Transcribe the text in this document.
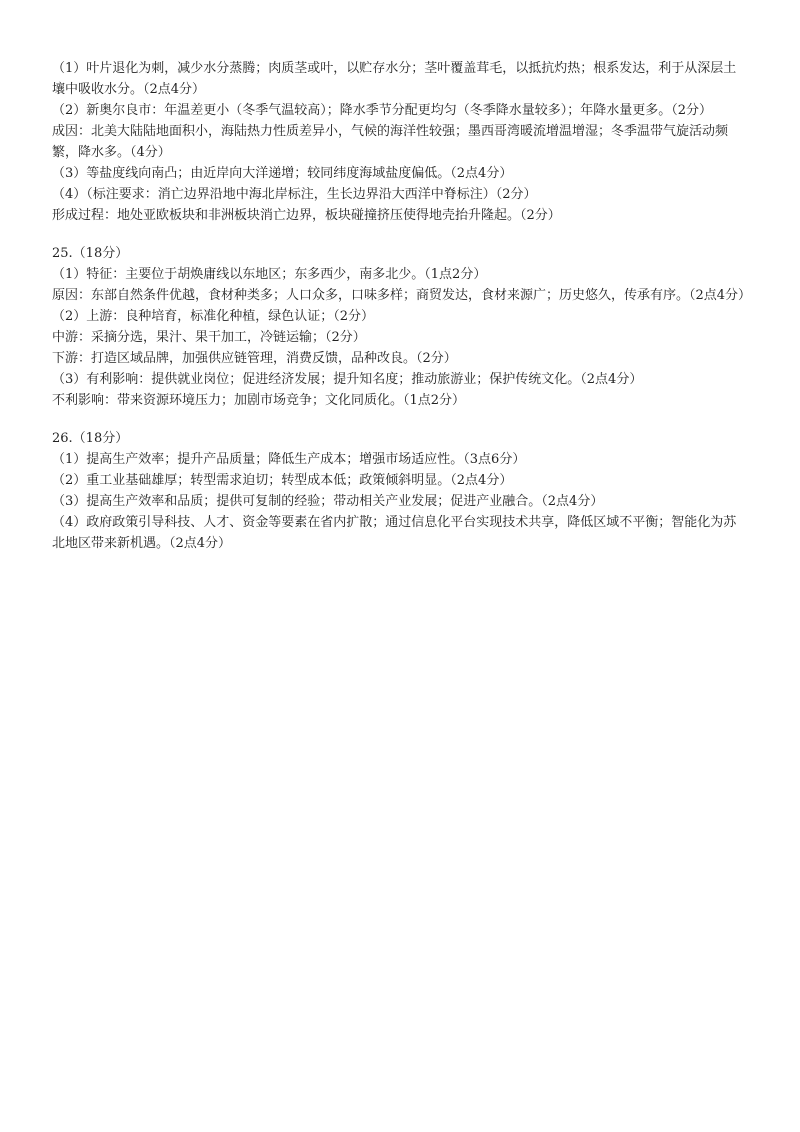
（1）叶片退化为刺，减少水分蒸腾；肉质茎或叶，以贮存水分；茎叶覆盖茸毛，以抵抗灼热；根系发达，利于从深层土壤中吸收水分。（2点4分）

（2）新奥尔良市：年温差更小（冬季气温较高）；降水季节分配更均匀（冬季降水量较多）；年降水量更多。（2分）

成因：北美大陆陆地面积小，海陆热力性质差异小，气候的海洋性较强；墨西哥湾暖流增温增湿；冬季温带气旋活动频繁，降水多。（4分）

（3）等盐度线向南凸；由近岸向大洋递增；较同纬度海域盐度偏低。（2点4分）

（4）（标注要求：消亡边界沿地中海北岸标注，生长边界沿大西洋中脊标注）（2分）

形成过程：地处亚欧板块和非洲板块消亡边界，板块碰撞挤压使得地壳抬升隆起。（2分）

25.（18分）

（1）特征：主要位于胡焕庸线以东地区；东多西少，南多北少。（1点2分）

原因：东部自然条件优越，食材种类多；人口众多，口味多样；商贸发达，食材来源广；历史悠久，传承有序。（2点4分）

（2）上游：良种培育，标准化种植，绿色认证；（2分）

中游：采摘分选，果汁、果干加工，冷链运输；（2分）

下游：打造区域品牌，加强供应链管理，消费反馈，品种改良。（2分）

（3）有利影响：提供就业岗位；促进经济发展；提升知名度；推动旅游业；保护传统文化。（2点4分）

不利影响：带来资源环境压力；加剧市场竞争；文化同质化。（1点2分）

26.（18分）

（1）提高生产效率；提升产品质量；降低生产成本；增强市场适应性。（3点6分）

（2）重工业基础雄厚；转型需求迫切；转型成本低；政策倾斜明显。（2点4分）

（3）提高生产效率和品质；提供可复制的经验；带动相关产业发展；促进产业融合。（2点4分）

（4）政府政策引导科技、人才、资金等要素在省内扩散；通过信息化平台实现技术共享，降低区域不平衡；智能化为苏北地区带来新机遇。（2点4分）
